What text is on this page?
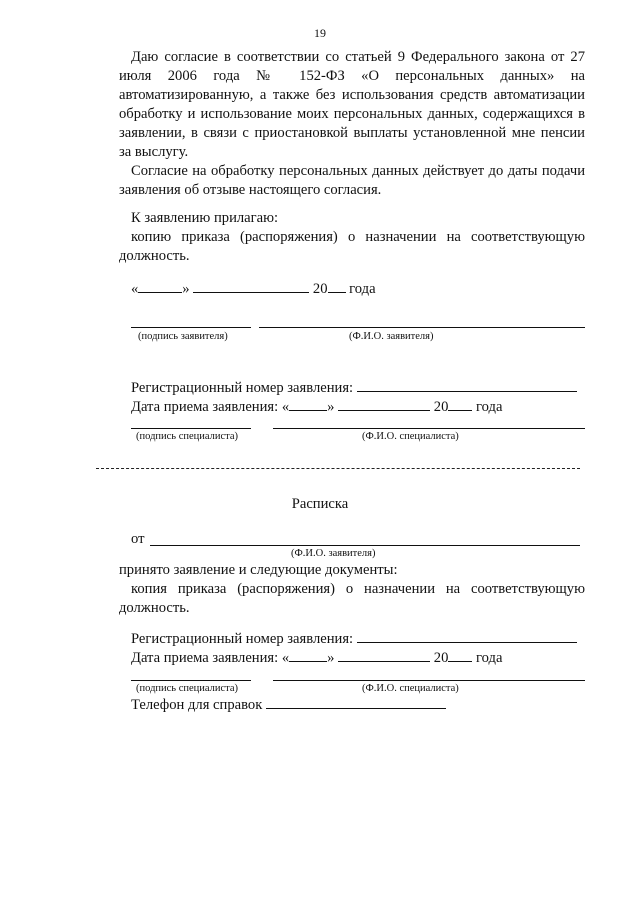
19
Даю согласие в соответствии со статьей 9 Федерального закона от 27 июля 2006 года № 152-ФЗ «О персональных данных» на автоматизированную, а также без использования средств автоматизации обработку и использование моих персональных данных, содержащихся в заявлении, в связи с приостановкой выплаты установленной мне пенсии за выслугу.
Согласие на обработку персональных данных действует до даты подачи заявления об отзыве настоящего согласия.
К заявлению прилагаю:
копию приказа (распоряжения) о назначении на соответствующую должность.
«	»	20 года
(подпись заявителя)	(Ф.И.О. заявителя)
Регистрационный номер заявления:
Дата приема заявления: «	»	20 года
(подпись специалиста)	(Ф.И.О. специалиста)
Расписка
от
(Ф.И.О. заявителя)
принято заявление и следующие документы:
копия приказа (распоряжения) о назначении на соответствующую должность.
Регистрационный номер заявления:
Дата приема заявления: «	»	20 года
(подпись специалиста)	(Ф.И.О. специалиста)
Телефон для справок
